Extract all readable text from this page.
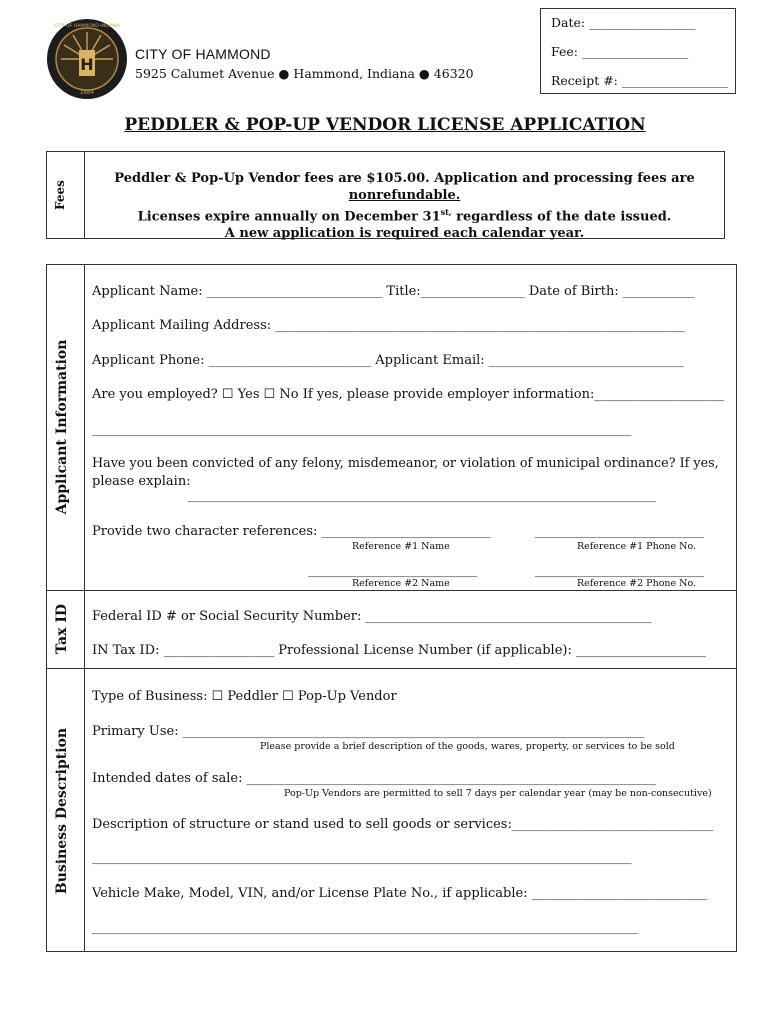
H
1884
CITY OF HAMMOND INDIANA
CITY OF HAMMOND
5925 Calumet Avenue ● Hammond, Indiana ● 46320
Date: _________________
Fee: _________________
Receipt #: _________________
PEDDLER & POP-UP VENDOR LICENSE APPLICATION
Fees
Peddler & Pop-Up Vendor fees are $105.00. Application and processing fees are nonrefundable.
Licenses expire annually on December $31^{st,}$ regardless of the date issued.
A new application is required each calendar year.
Applicant Information
Tax ID
Business Description
Applicant Name: ___________________________ Title:________________ Date of Birth: ___________
Applicant Mailing Address: _______________________________________________________________
Applicant Phone: _________________________ Applicant Email: ______________________________
Are you employed? ☐ Yes ☐ No If yes, please provide employer information:____________________
___________________________________________________________________________________
Have you been convicted of any felony, misdemeanor, or violation of municipal ordinance? If yes,
please explain:
________________________________________________________________________
Provide two character references: __________________________	__________________________
Reference #1 Name	Reference #1 Phone No.
__________________________	__________________________
Reference #2 Name	Reference #2 Phone No.
Federal ID # or Social Security Number: ____________________________________________
IN Tax ID: _________________ Professional License Number (if applicable): ____________________
Type of Business: ☐ Peddler ☐ Pop-Up Vendor
Primary Use: _______________________________________________________________________
Please provide a brief description of the goods, wares, property, or services to be sold
Intended dates of sale: _______________________________________________________________
Pop-Up Vendors are permitted to sell 7 days per calendar year (may be non-consecutive)
Description of structure or stand used to sell goods or services:_______________________________
___________________________________________________________________________________
Vehicle Make, Model, VIN, and/or License Plate No., if applicable: ___________________________
____________________________________________________________________________________
